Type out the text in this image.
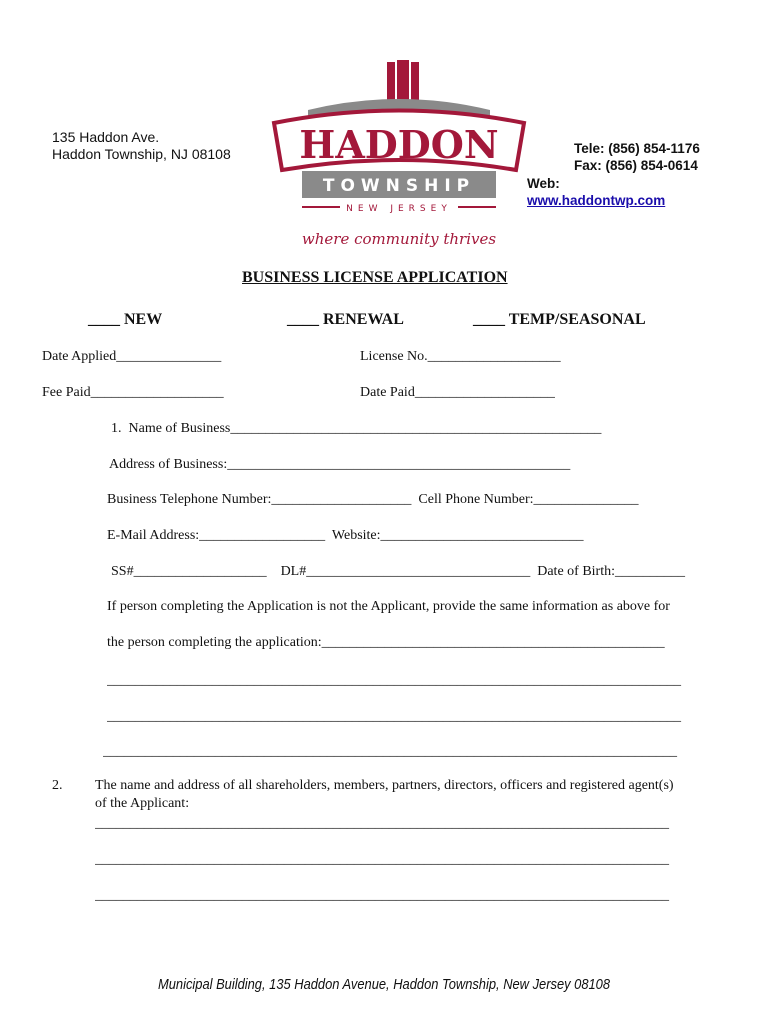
135 Haddon Ave.
Haddon Township, NJ 08108

HADDON
TOWNSHIP
NEW JERSEY
where community thrives

Tele: (856) 854-1176
Fax: (856) 854-0614
Web:
www.haddontwp.com
BUSINESS LICENSE APPLICATION
____ NEW	____ RENEWAL	____ TEMP/SEASONAL
Date Applied_______________	License No.___________________
Fee Paid___________________	Date Paid____________________
1.  Name of Business_____________________________________________________
Address of Business:_________________________________________________
Business Telephone Number:____________________  Cell Phone Number:_______________
E-Mail Address:__________________  Website:_____________________________
SS#___________________    DL#________________________________  Date of Birth:__________
If person completing the Application is not the Applicant, provide the same information as above for
the person completing the application:_________________________________________________
__________________________________________________________________________________
__________________________________________________________________________________
__________________________________________________________________________________
2. The name and address of all shareholders, members, partners, directors, officers and registered agent(s)
of the Applicant:
__________________________________________________________________________________
__________________________________________________________________________________
__________________________________________________________________________________
Municipal Building, 135 Haddon Avenue, Haddon Township, New Jersey 08108
